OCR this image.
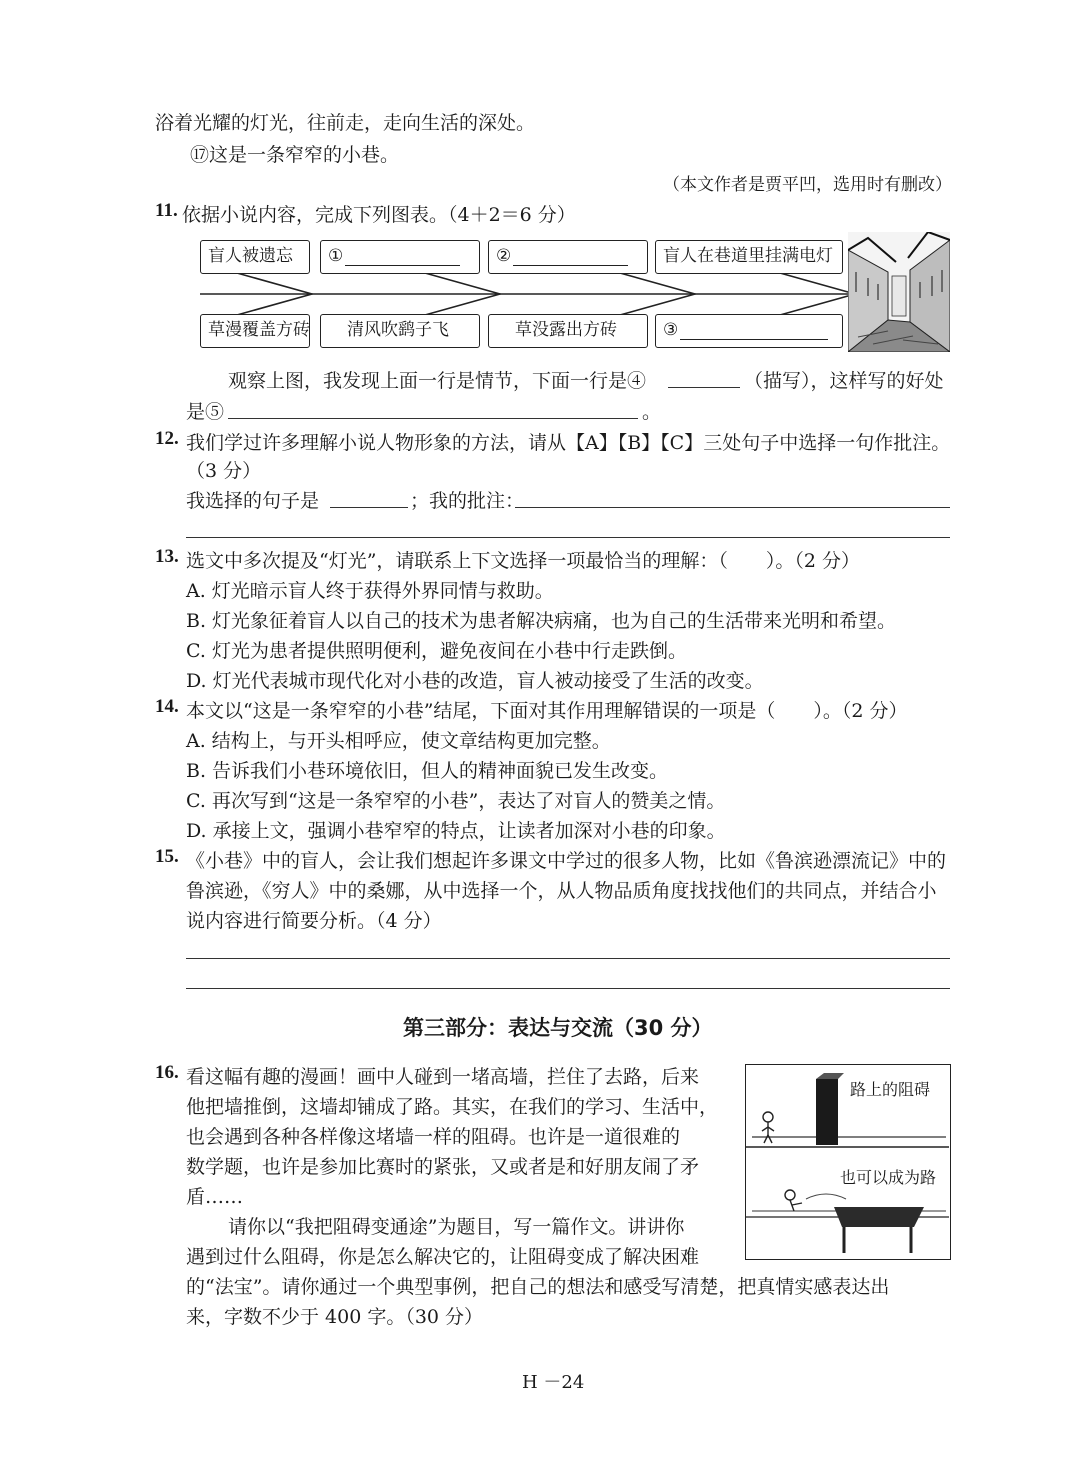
浴着光耀的灯光，往前走，走向生活的深处。
⑰这是一条窄窄的小巷。
（本文作者是贾平凹，选用时有删改）
11. 依据小说内容，完成下列图表。（4＋2＝6 分）
盲人被遗忘	①	②	盲人在巷道里挂满电灯
草漫覆盖方砖	清风吹鹞子飞	草没露出方砖	③
观察上图，我发现上面一行是情节，下面一行是④	（描写），这样写的好处
是⑤	。
12. 我们学过许多理解小说人物形象的方法，请从【A】【B】【C】三处句子中选择一句作批注。
（3 分）
我选择的句子是	；我的批注：
13. 选文中多次提及“灯光”，请联系上下文选择一项最恰当的理解：（　　）。（2 分）
A. 灯光暗示盲人终于获得外界同情与救助。
B. 灯光象征着盲人以自己的技术为患者解决病痛，也为自己的生活带来光明和希望。
C. 灯光为患者提供照明便利，避免夜间在小巷中行走跌倒。
D. 灯光代表城市现代化对小巷的改造，盲人被动接受了生活的改变。
14. 本文以“这是一条窄窄的小巷”结尾，下面对其作用理解错误的一项是（　　）。（2 分）
A. 结构上，与开头相呼应，使文章结构更加完整。
B. 告诉我们小巷环境依旧，但人的精神面貌已发生改变。
C. 再次写到“这是一条窄窄的小巷”，表达了对盲人的赞美之情。
D. 承接上文，强调小巷窄窄的特点，让读者加深对小巷的印象。
15. 《小巷》中的盲人，会让我们想起许多课文中学过的很多人物，比如《鲁滨逊漂流记》中的
鲁滨逊，《穷人》中的桑娜，从中选择一个，从人物品质角度找找他们的共同点，并结合小
说内容进行简要分析。（4 分）
第三部分：表达与交流（30 分）
16. 看这幅有趣的漫画！画中人碰到一堵高墙，拦住了去路，后来
他把墙推倒，这墙却铺成了路。其实，在我们的学习、生活中，
也会遇到各种各样像这堵墙一样的阻碍。也许是一道很难的
数学题，也许是参加比赛时的紧张，又或者是和好朋友闹了矛
盾……
请你以“我把阻碍变通途”为题目，写一篇作文。讲讲你
遇到过什么阻碍，你是怎么解决它的，让阻碍变成了解决困难
的“法宝”。请你通过一个典型事例，把自己的想法和感受写清楚，把真情实感表达出
来，字数不少于 400 字。（30 分）
路上的阻碍
也可以成为路
H －24
